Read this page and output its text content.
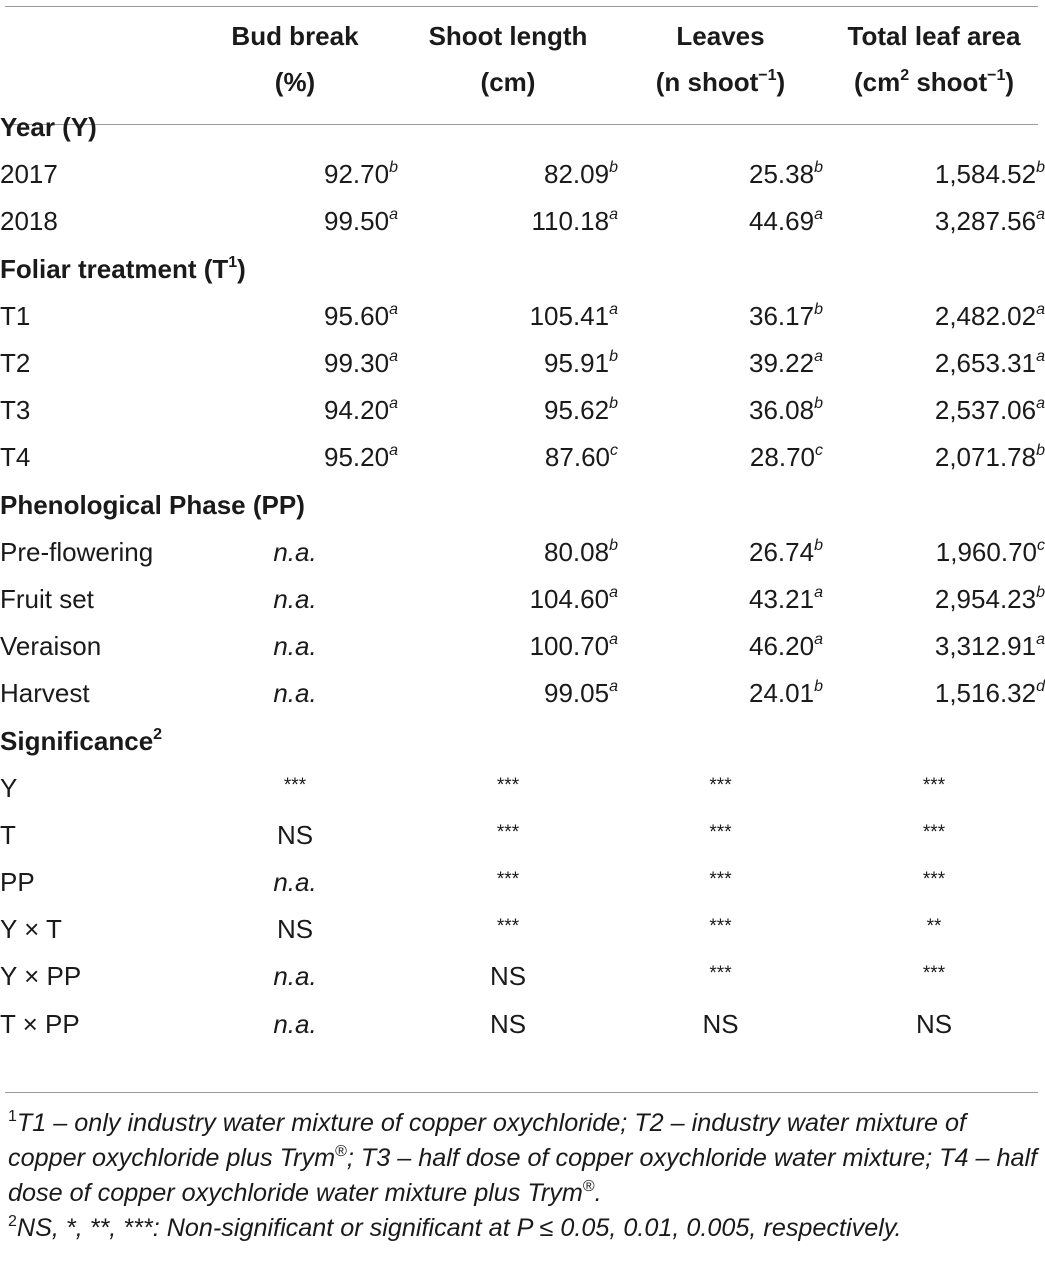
	Bud break	Shoot length	Leaves	Total leaf area
	(%)	(cm)	(n shoot$^{-1}$)	($cm^2$ shoot$^{-1}$)
Year (Y)				
2017	92.70$^b$	82.09$^b$	25.38$^b$	1,584.52$^b$
2018	99.50$^a$	110.18$^a$	44.69$^a$	3,287.56$^a$
Foliar treatment $(T^1)$				
T1	95.60$^a$	105.41$^a$	36.17$^b$	2,482.02$^a$
T2	99.30$^a$	95.91$^b$	39.22$^a$	2,653.31$^a$
T3	94.20$^a$	95.62$^b$	36.08$^b$	2,537.06$^a$
T4	95.20$^a$	87.60$^c$	28.70$^c$	2,071.78$^b$
Phenological Phase (PP)				
Pre-flowering	n.a.	80.08$^b$	26.74$^b$	1,960.70$^c$
Fruit set	n.a.	104.60$^a$	43.21$^a$	2,954.23$^b$
Veraison	n.a.	100.70$^a$	46.20$^a$	3,312.91$^a$
Harvest	n.a.	99.05$^a$	24.01$^b$	1,516.32$^d$
Significance$^2$
Y	***	***	***	***
T	NS	***	***	***
PP	n.a.	***	***	***
Y × T	NS	***	***	**
Y × PP	n.a.	NS	***	***
T × PP	n.a.	NS	NS	NS

$^1$T1 – only industry water mixture of copper oxychloride; T2 – industry water mixture of copper oxychloride plus Trym®; T3 – half dose of copper oxychloride water mixture; T4 – half dose of copper oxychloride water mixture plus Trym®.

$^2$NS, *, **, ***: Non-significant or significant at P ≤ 0.05, 0.01, 0.005, respectively.
